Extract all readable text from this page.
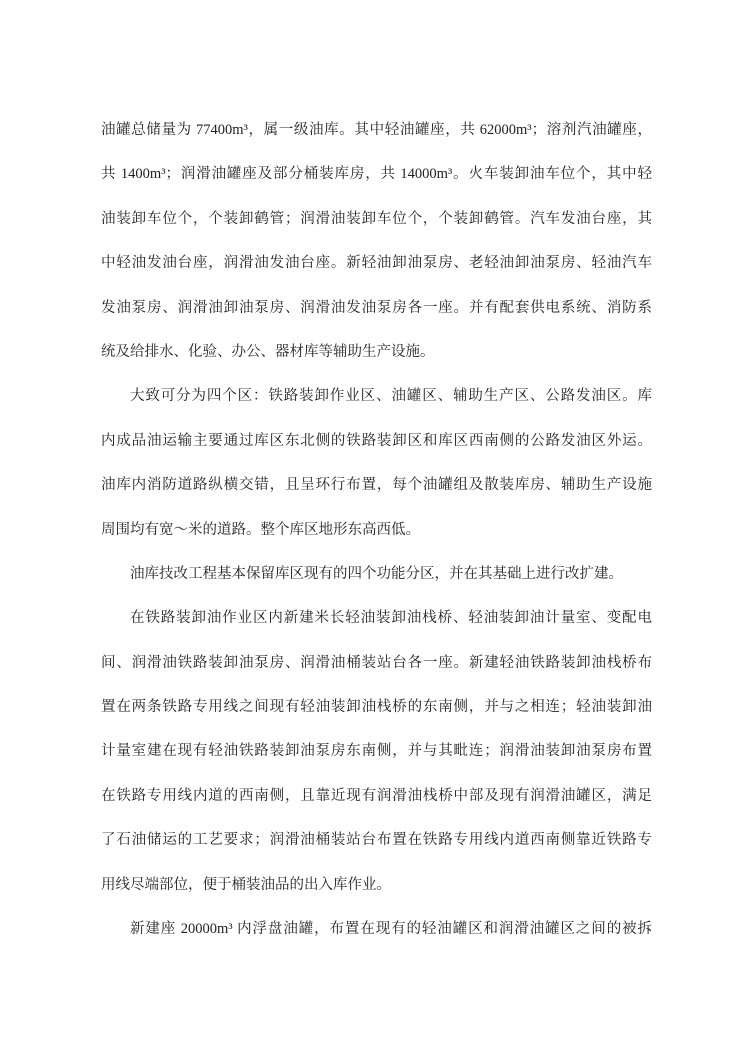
油罐总储量为 77400m³，属一级油库。其中轻油罐座，共 62000m³；溶剂汽油罐座，
共 1400m³；润滑油罐座及部分桶装库房，共 14000m³。火车装卸油车位个，其中轻
油装卸车位个，个装卸鹤管；润滑油装卸车位个，个装卸鹤管。汽车发油台座，其
中轻油发油台座，润滑油发油台座。新轻油卸油泵房、老轻油卸油泵房、轻油汽车
发油泵房、润滑油卸油泵房、润滑油发油泵房各一座。并有配套供电系统、消防系
统及给排水、化验、办公、器材库等辅助生产设施。
大致可分为四个区：铁路装卸作业区、油罐区、辅助生产区、公路发油区。库
内成品油运输主要通过库区东北侧的铁路装卸区和库区西南侧的公路发油区外运。
油库内消防道路纵横交错，且呈环行布置，每个油罐组及散装库房、辅助生产设施
周围均有宽～米的道路。整个库区地形东高西低。
油库技改工程基本保留库区现有的四个功能分区，并在其基础上进行改扩建。
在铁路装卸油作业区内新建米长轻油装卸油栈桥、轻油装卸油计量室、变配电
间、润滑油铁路装卸油泵房、润滑油桶装站台各一座。新建轻油铁路装卸油栈桥布
置在两条铁路专用线之间现有轻油装卸油栈桥的东南侧，并与之相连；轻油装卸油
计量室建在现有轻油铁路装卸油泵房东南侧，并与其毗连；润滑油装卸油泵房布置
在铁路专用线内道的西南侧，且靠近现有润滑油栈桥中部及现有润滑油罐区，满足
了石油储运的工艺要求；润滑油桶装站台布置在铁路专用线内道西南侧靠近铁路专
用线尽端部位，便于桶装油品的出入库作业。
新建座 20000m³ 内浮盘油罐，布置在现有的轻油罐区和润滑油罐区之间的被拆
